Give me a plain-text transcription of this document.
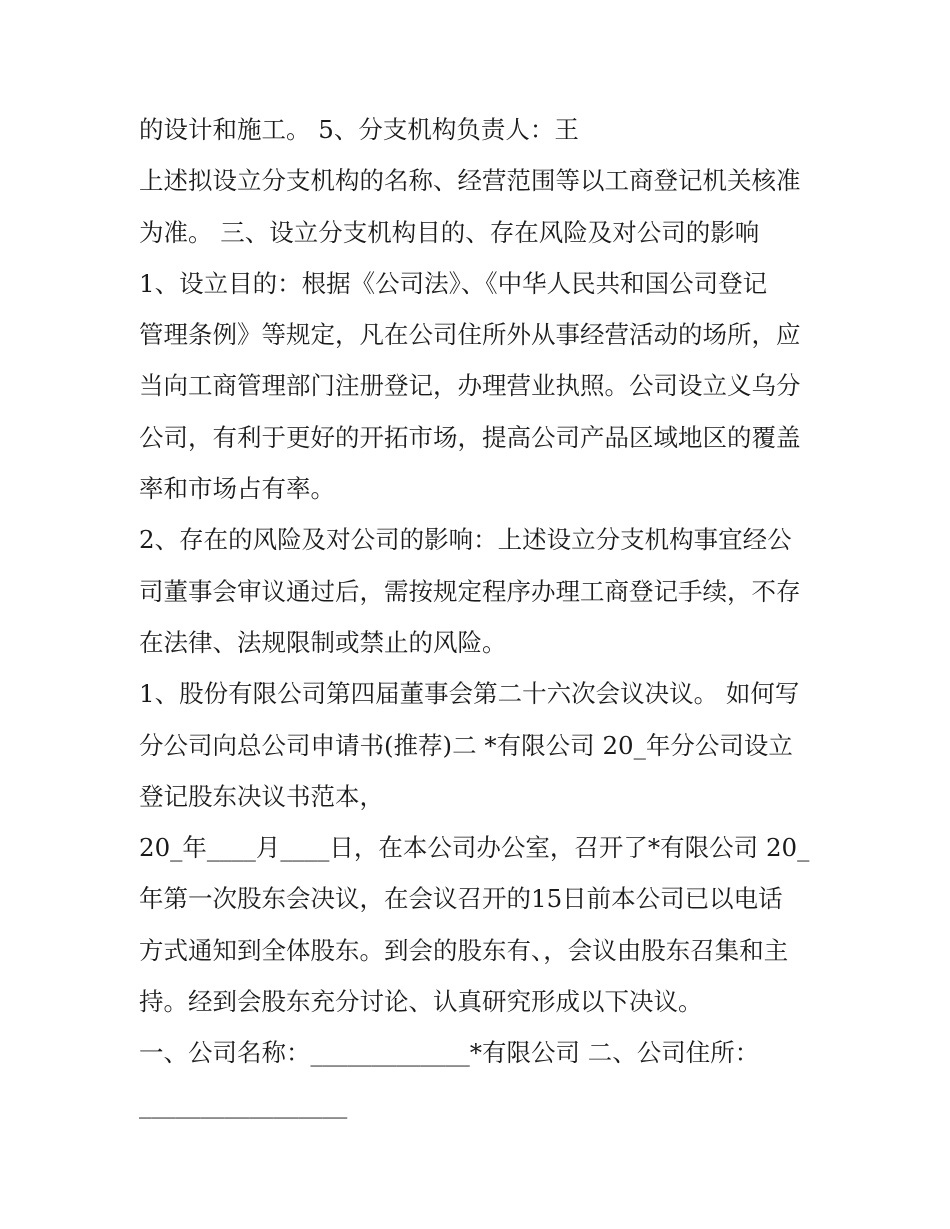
的设计和施工。 5、分支机构负责人：王
上述拟设立分支机构的名称、经营范围等以工商登记机关核准
为准。 三、设立分支机构目的、存在风险及对公司的影响
1、设立目的：根据《公司法》、《中华人民共和国公司登记
管理条例》等规定，凡在公司住所外从事经营活动的场所，应
当向工商管理部门注册登记，办理营业执照。公司设立义乌分
公司，有利于更好的开拓市场，提高公司产品区域地区的覆盖
率和市场占有率。
2、存在的风险及对公司的影响：上述设立分支机构事宜经公
司董事会审议通过后，需按规定程序办理工商登记手续，不存
在法律、法规限制或禁止的风险。
1、股份有限公司第四届董事会第二十六次会议决议。 如何写
分公司向总公司申请书(推荐)二 *有限公司 20_年分公司设立
登记股东决议书范本，
20_年____月____日，在本公司办公室，召开了*有限公司 20_
年第一次股东会决议，在会议召开的15日前本公司已以电话
方式通知到全体股东。到会的股东有、，会议由股东召集和主
持。经到会股东充分讨论、认真研究形成以下决议。
一、公司名称：_____________*有限公司 二、公司住所：
_________________
